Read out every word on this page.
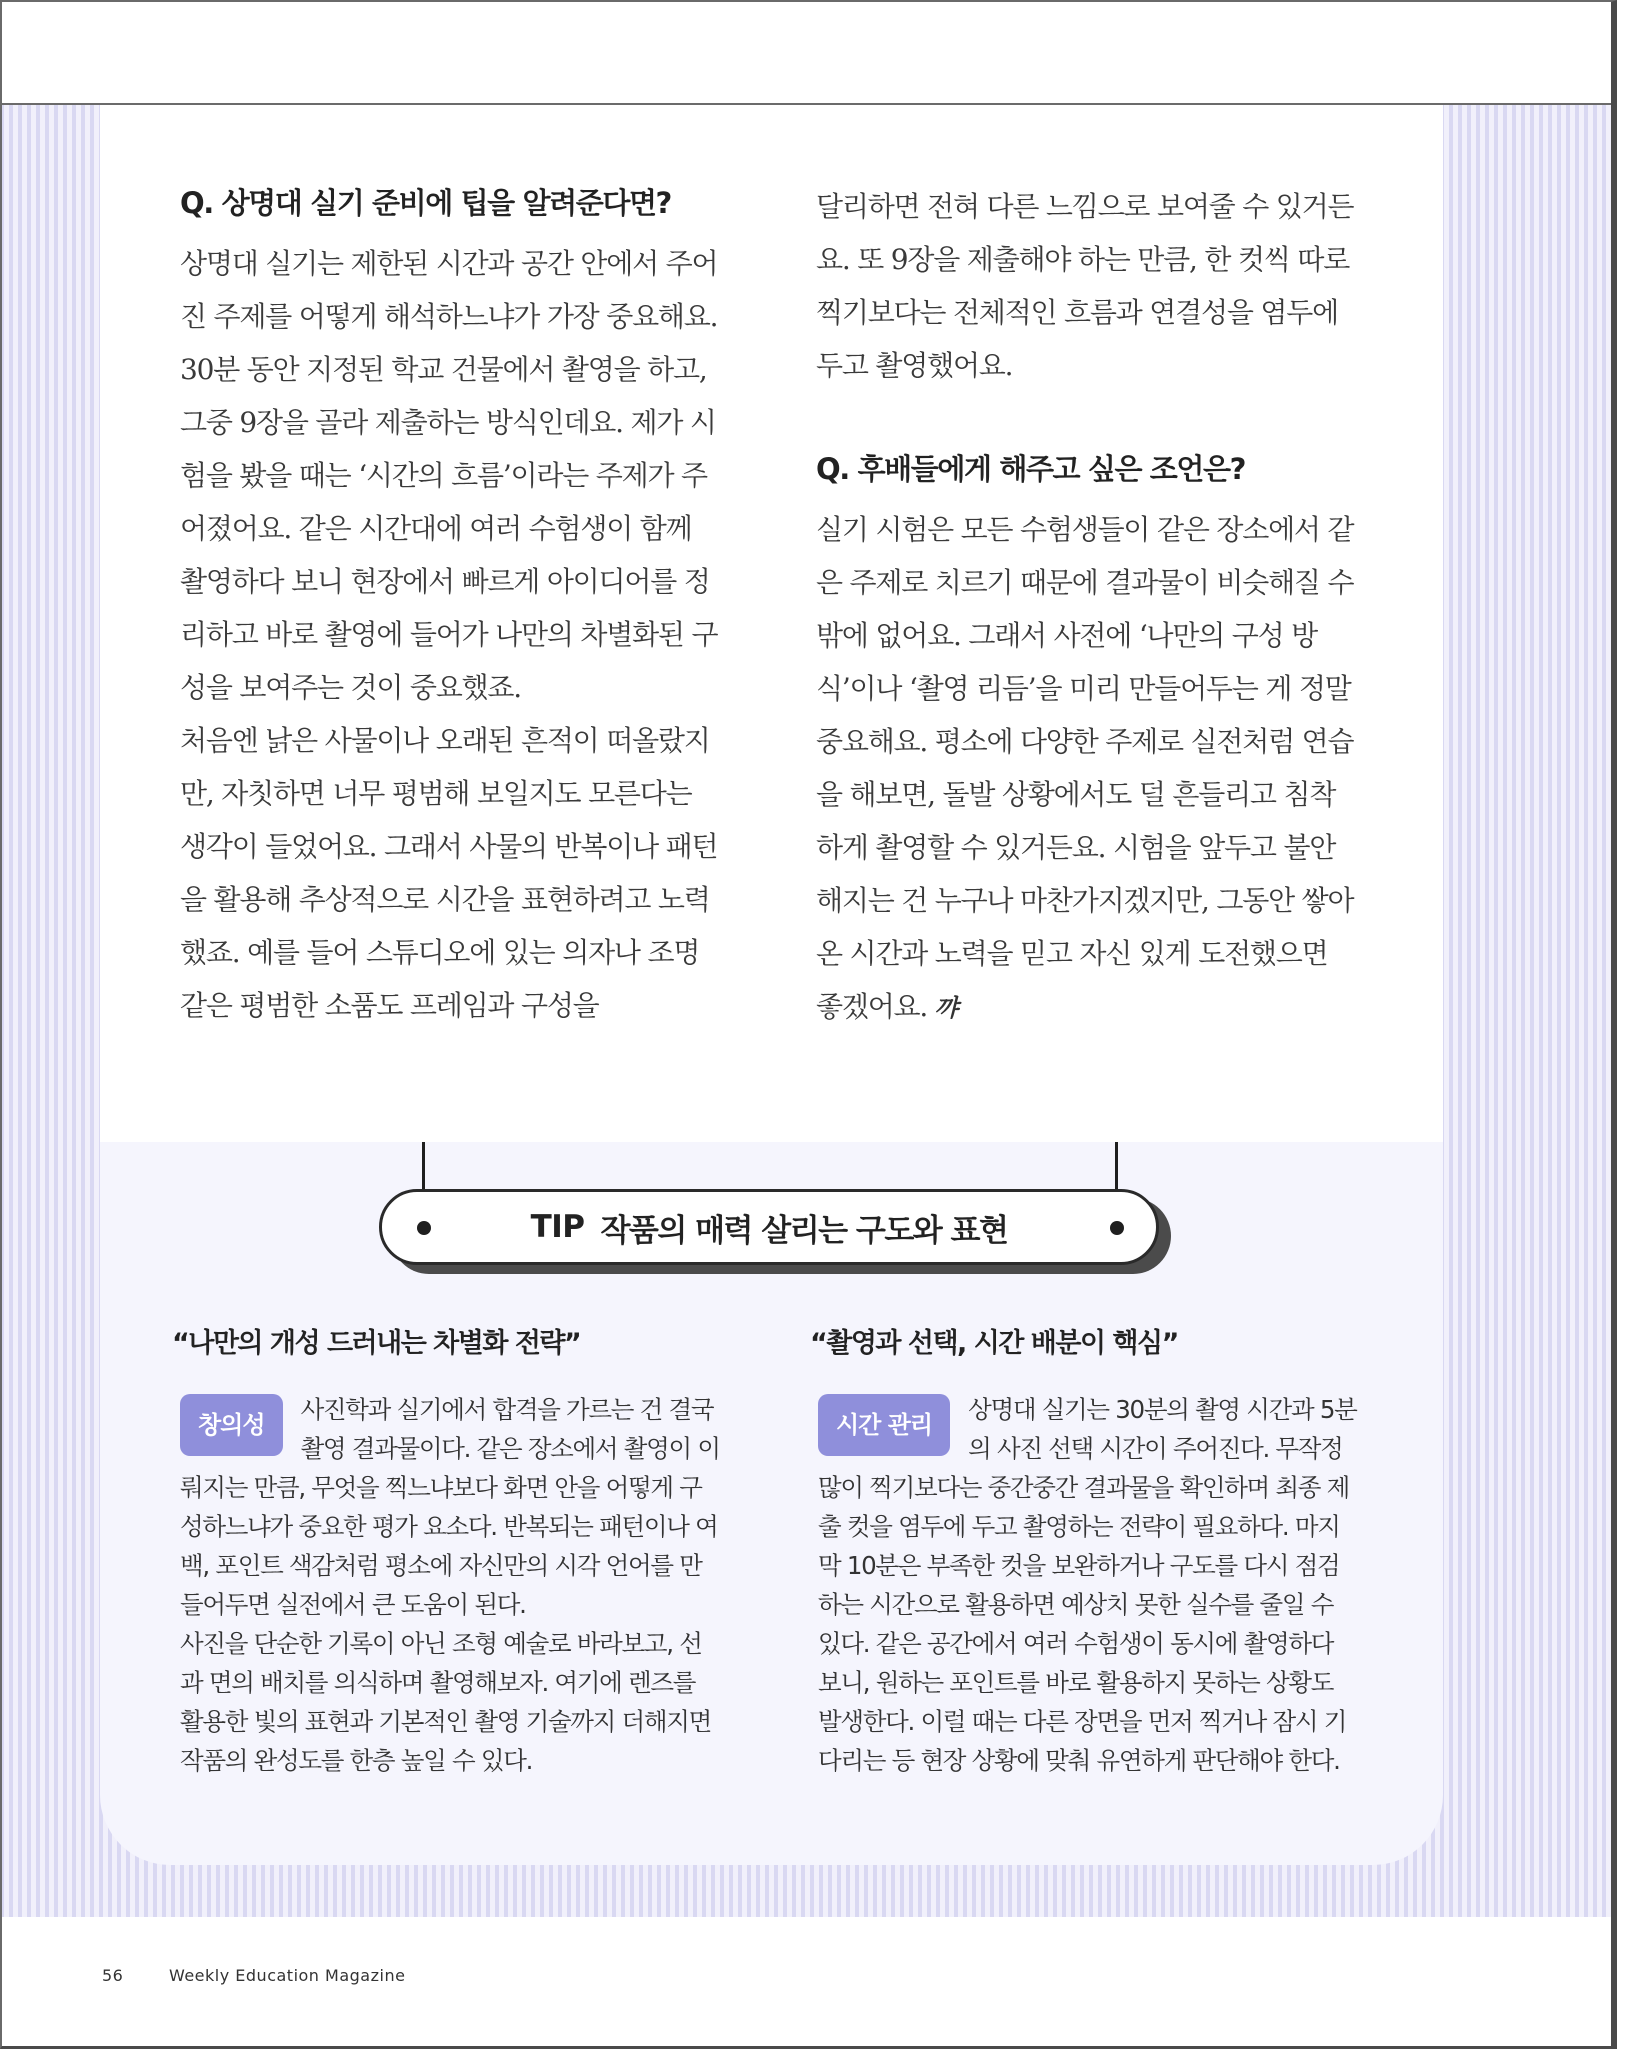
Q. 상명대 실기 준비에 팁을 알려준다면?

상명대 실기는 제한된 시간과 공간 안에서 주어진 주제를 어떻게 해석하느냐가 가장 중요해요. 30분 동안 지정된 학교 건물에서 촬영을 하고, 그중 9장을 골라 제출하는 방식인데요. 제가 시험을 봤을 때는 ‘시간의 흐름’이라는 주제가 주어졌어요. 같은 시간대에 여러 수험생이 함께 촬영하다 보니 현장에서 빠르게 아이디어를 정리하고 바로 촬영에 들어가 나만의 차별화된 구성을 보여주는 것이 중요했죠.

처음엔 낡은 사물이나 오래된 흔적이 떠올랐지만, 자칫하면 너무 평범해 보일지도 모른다는 생각이 들었어요. 그래서 사물의 반복이나 패턴을 활용해 추상적으로 시간을 표현하려고 노력했죠. 예를 들어 스튜디오에 있는 의자나 조명 같은 평범한 소품도 프레임과 구성을

달리하면 전혀 다른 느낌으로 보여줄 수 있거든요. 또 9장을 제출해야 하는 만큼, 한 컷씩 따로 찍기보다는 전체적인 흐름과 연결성을 염두에 두고 촬영했어요.

Q. 후배들에게 해주고 싶은 조언은?

실기 시험은 모든 수험생들이 같은 장소에서 같은 주제로 치르기 때문에 결과물이 비슷해질 수밖에 없어요. 그래서 사전에 ‘나만의 구성 방식’이나 ‘촬영 리듬’을 미리 만들어두는 게 정말 중요해요. 평소에 다양한 주제로 실전처럼 연습을 해보면, 돌발 상황에서도 덜 흔들리고 침착하게 촬영할 수 있거든요. 시험을 앞두고 불안해지는 건 누구나 마찬가지겠지만, 그동안 쌓아온 시간과 노력을 믿고 자신 있게 도전했으면 좋겠어요. 꺄

TIP 작품의 매력 살리는 구도와 표현

“나만의 개성 드러내는 차별화 전략”

창의성

사진학과 실기에서 합격을 가르는 건 결국 촬영 결과물이다. 같은 장소에서 촬영이 이뤄지는 만큼, 무엇을 찍느냐보다 화면 안을 어떻게 구성하느냐가 중요한 평가 요소다. 반복되는 패턴이나 여백, 포인트 색감처럼 평소에 자신만의 시각 언어를 만들어두면 실전에서 큰 도움이 된다.

사진을 단순한 기록이 아닌 조형 예술로 바라보고, 선과 면의 배치를 의식하며 촬영해보자. 여기에 렌즈를 활용한 빛의 표현과 기본적인 촬영 기술까지 더해지면 작품의 완성도를 한층 높일 수 있다.

“촬영과 선택, 시간 배분이 핵심”

시간 관리

상명대 실기는 30분의 촬영 시간과 5분의 사진 선택 시간이 주어진다. 무작정 많이 찍기보다는 중간중간 결과물을 확인하며 최종 제출 컷을 염두에 두고 촬영하는 전략이 필요하다. 마지막 10분은 부족한 컷을 보완하거나 구도를 다시 점검하는 시간으로 활용하면 예상치 못한 실수를 줄일 수 있다. 같은 공간에서 여러 수험생이 동시에 촬영하다 보니, 원하는 포인트를 바로 활용하지 못하는 상황도 발생한다. 이럴 때는 다른 장면을 먼저 찍거나 잠시 기다리는 등 현장 상황에 맞춰 유연하게 판단해야 한다.

56	Weekly Education Magazine
